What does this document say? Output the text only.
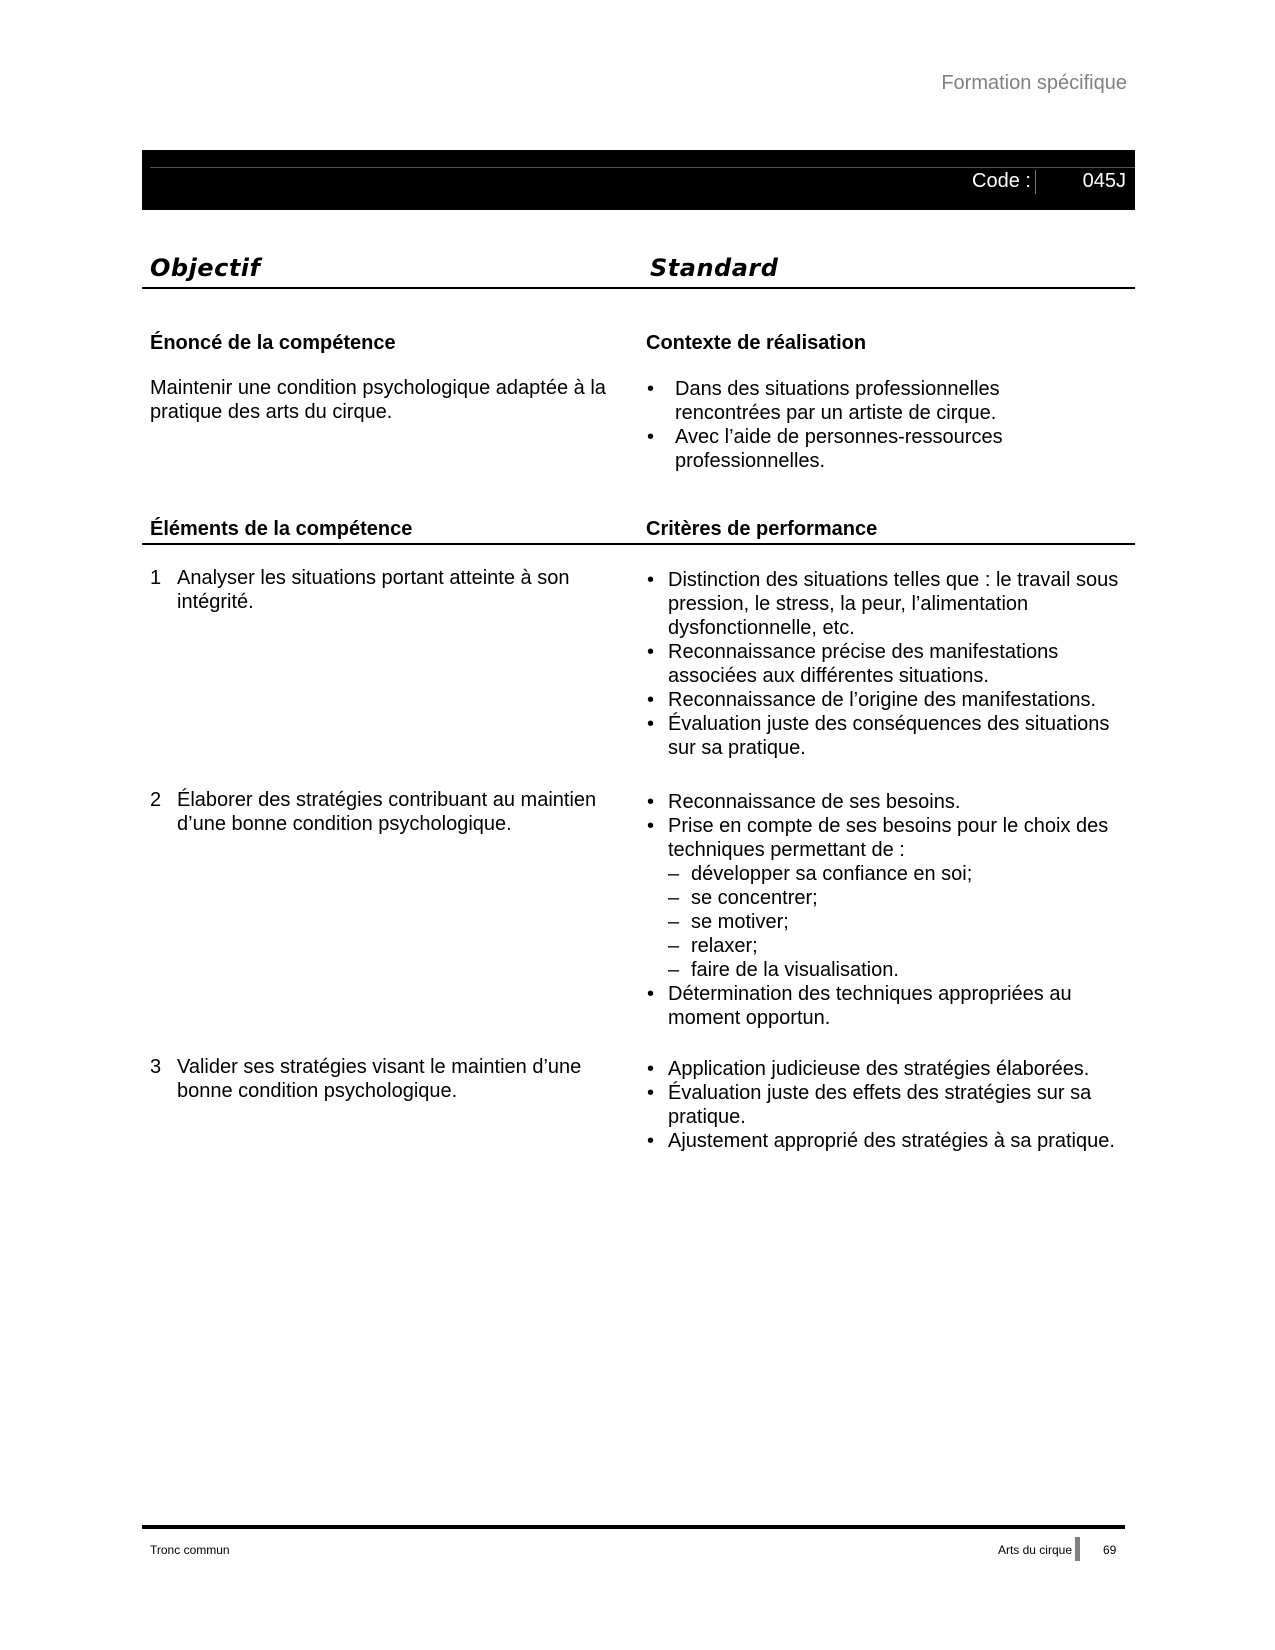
Formation spécifique
Code :	045J
Objectif	Standard
Énoncé de la compétence	Contexte de réalisation
Maintenir une condition psychologique adaptée à la pratique des arts du cirque.
• Dans des situations professionnelles rencontrées par un artiste de cirque.
• Avec l’aide de personnes-ressources professionnelles.
Éléments de la compétence	Critères de performance
1 Analyser les situations portant atteinte à son intégrité.
• Distinction des situations telles que : le travail sous pression, le stress, la peur, l’alimentation dysfonctionnelle, etc.
• Reconnaissance précise des manifestations associées aux différentes situations.
• Reconnaissance de l’origine des manifestations.
• Évaluation juste des conséquences des situations sur sa pratique.
2 Élaborer des stratégies contribuant au maintien d’une bonne condition psychologique.
• Reconnaissance de ses besoins.
• Prise en compte de ses besoins pour le choix des techniques permettant de :
– développer sa confiance en soi;
– se concentrer;
– se motiver;
– relaxer;
– faire de la visualisation.
• Détermination des techniques appropriées au moment opportun.
3 Valider ses stratégies visant le maintien d’une bonne condition psychologique.
• Application judicieuse des stratégies élaborées.
• Évaluation juste des effets des stratégies sur sa pratique.
• Ajustement approprié des stratégies à sa pratique.
Tronc commun	Arts du cirque	69
